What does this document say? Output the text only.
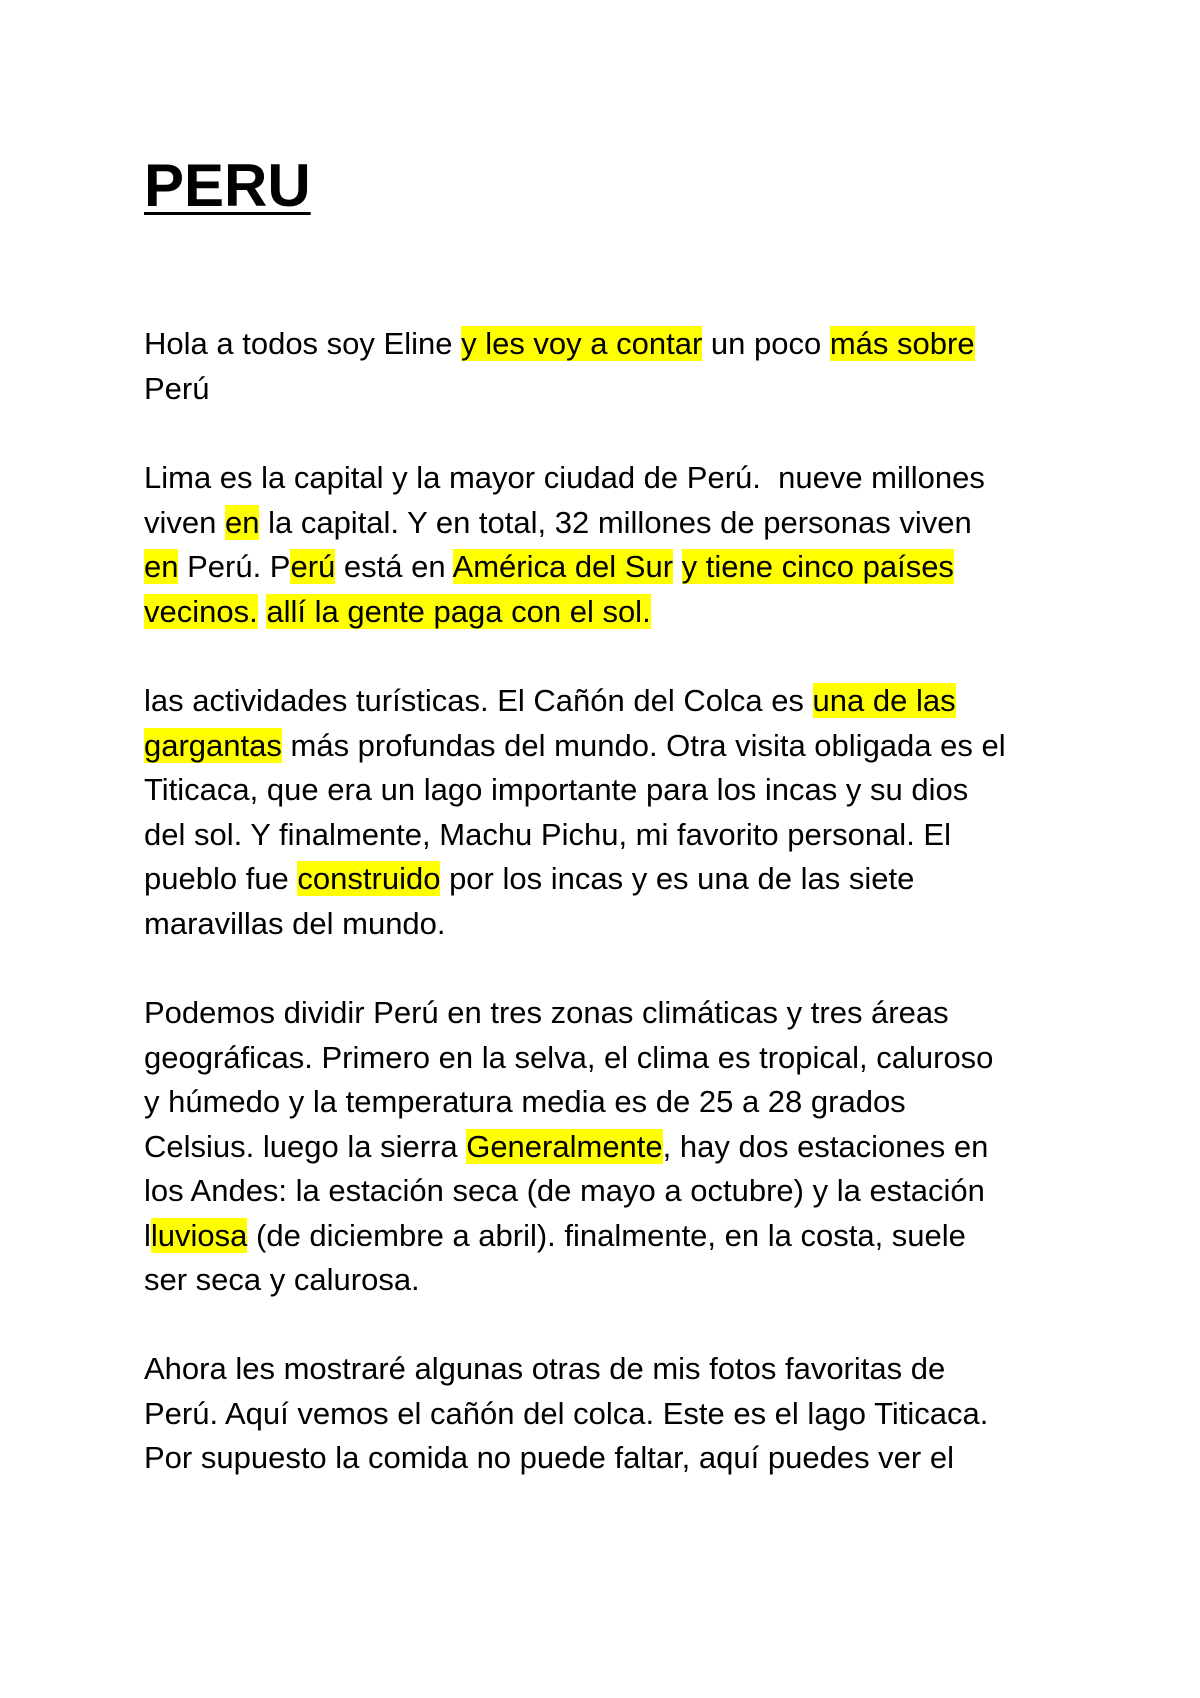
PERU
Hola a todos soy Eline y les voy a contar un poco más sobre
Perú
Lima es la capital y la mayor ciudad de Perú.  nueve millones
viven en la capital. Y en total, 32 millones de personas viven
en Perú. Perú está en América del Sur y tiene cinco países
vecinos. allí la gente paga con el sol.
las actividades turísticas. El Cañón del Colca es una de las
gargantas más profundas del mundo. Otra visita obligada es el
Titicaca, que era un lago importante para los incas y su dios
del sol. Y finalmente, Machu Pichu, mi favorito personal. El
pueblo fue construido por los incas y es una de las siete
maravillas del mundo.
Podemos dividir Perú en tres zonas climáticas y tres áreas
geográficas. Primero en la selva, el clima es tropical, caluroso
y húmedo y la temperatura media es de 25 a 28 grados
Celsius. luego la sierra Generalmente, hay dos estaciones en
los Andes: la estación seca (de mayo a octubre) y la estación
lluviosa (de diciembre a abril). finalmente, en la costa, suele
ser seca y calurosa.
Ahora les mostraré algunas otras de mis fotos favoritas de
Perú. Aquí vemos el cañón del colca. Este es el lago Titicaca.
Por supuesto la comida no puede faltar, aquí puedes ver el
